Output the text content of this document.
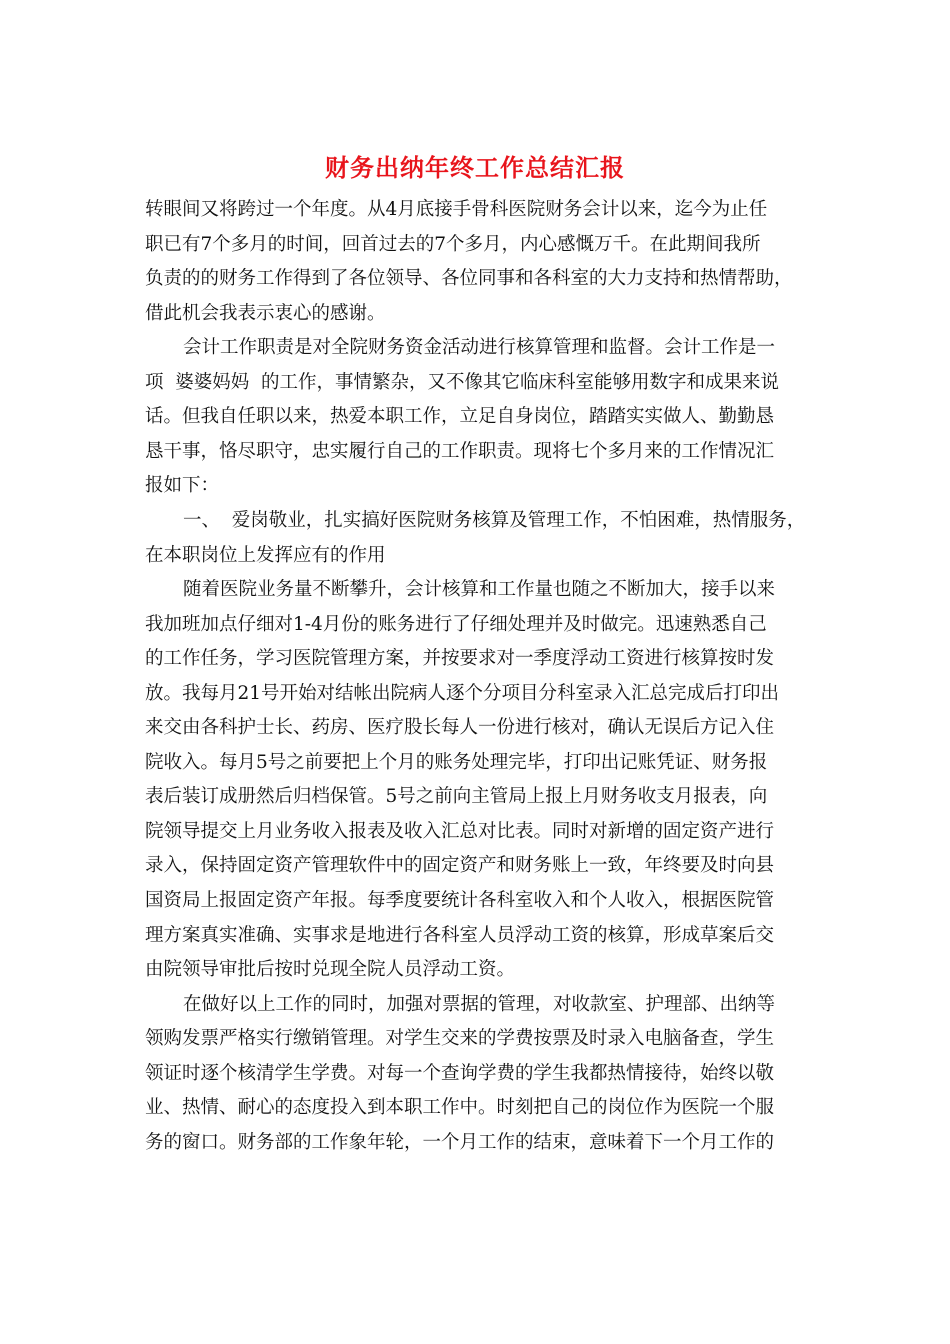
财务出纳年终工作总结汇报
转眼间又将跨过一个年度。从4月底接手骨科医院财务会计以来，迄今为止任
职已有7个多月的时间，回首过去的7个多月，内心感慨万千。在此期间我所
负责的的财务工作得到了各位领导、各位同事和各科室的大力支持和热情帮助，
借此机会我表示衷心的感谢。
会计工作职责是对全院财务资金活动进行核算管理和监督。会计工作是一
项  婆婆妈妈  的工作，事情繁杂，又不像其它临床科室能够用数字和成果来说
话。但我自任职以来，热爱本职工作，立足自身岗位，踏踏实实做人、勤勤恳
恳干事，恪尽职守，忠实履行自己的工作职责。现将七个多月来的工作情况汇
报如下：
一、  爱岗敬业，扎实搞好医院财务核算及管理工作，不怕困难，热情服务，
在本职岗位上发挥应有的作用
随着医院业务量不断攀升，会计核算和工作量也随之不断加大，接手以来
我加班加点仔细对1-4月份的账务进行了仔细处理并及时做完。迅速熟悉自己
的工作任务，学习医院管理方案，并按要求对一季度浮动工资进行核算按时发
放。我每月21号开始对结帐出院病人逐个分项目分科室录入汇总完成后打印出
来交由各科护士长、药房、医疗股长每人一份进行核对，确认无误后方记入住
院收入。每月5号之前要把上个月的账务处理完毕，打印出记账凭证、财务报
表后装订成册然后归档保管。5号之前向主管局上报上月财务收支月报表，向
院领导提交上月业务收入报表及收入汇总对比表。同时对新增的固定资产进行
录入，保持固定资产管理软件中的固定资产和财务账上一致，年终要及时向县
国资局上报固定资产年报。每季度要统计各科室收入和个人收入，根据医院管
理方案真实准确、实事求是地进行各科室人员浮动工资的核算，形成草案后交
由院领导审批后按时兑现全院人员浮动工资。
在做好以上工作的同时，加强对票据的管理，对收款室、护理部、出纳等
领购发票严格实行缴销管理。对学生交来的学费按票及时录入电脑备查，学生
领证时逐个核清学生学费。对每一个查询学费的学生我都热情接待，始终以敬
业、热情、耐心的态度投入到本职工作中。时刻把自己的岗位作为医院一个服
务的窗口。财务部的工作象年轮，一个月工作的结束，意味着下一个月工作的
